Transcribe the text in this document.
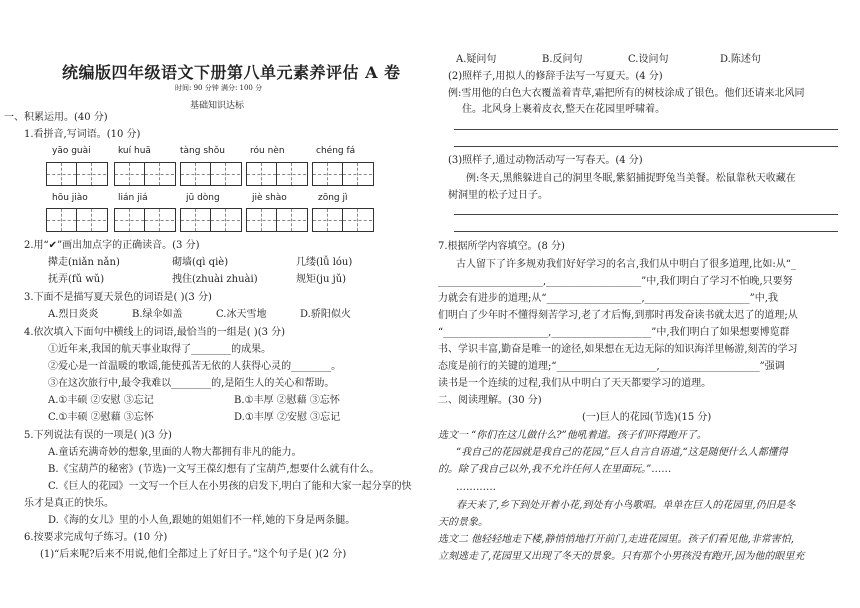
统编版四年级语文下册第八单元素养评估 A 卷
时间: 90 分钟 满分: 100 分
基础知识达标
一、积累运用。(40 分)
1.看拼音,写词语。(10 分)
yāo guài	kuí huā	tàng shǒu	róu nèn	chéng fá
hōu jiào	lián jiá	jū dòng	jiè shào	zōng jì
2.用“✔”画出加点字的正确读音。(3 分)
撵走(niǎn nǎn)	砌墙(qì qiè)	几缕(lǚ lóu)
抚弄(fǔ wǔ)	拽住(zhuài zhuài)	规矩(ju jǔ)
3.下面不是描写夏天景色的词语是( )(3 分)
A.烈日炎炎	B.绿伞如盖	C.冰天雪地	D.骄阳似火
4.依次填入下面句中横线上的词语,最恰当的一组是( )(3 分)
①近年来,我国的航天事业取得了________的成果。
②爱心是一首温暖的歌谣,能使孤苦无依的人获得心灵的________。
③在这次旅行中,最令我难以________的,是陌生人的关心和帮助。
A.①丰硕 ②安慰 ③忘记	B.①丰厚 ②慰藉 ③忘怀
C.①丰硕 ②慰藉 ③忘怀	D.①丰厚 ②安慰 ③忘记
5.下列说法有误的一项是( )(3 分)
A.童话充满奇妙的想象,里面的人物大都拥有非凡的能力。
B.《宝葫芦的秘密》(节选)一文写王葆幻想有了宝葫芦,想要什么就有什么。
C.《巨人的花园》一文写一个巨人在小男孩的启发下,明白了能和大家一起分享的快
乐才是真正的快乐。
D.《海的女儿》里的小人鱼,跟她的姐姐们不一样,她的下身是两条腿。
6.按要求完成句子练习。(10 分)
(1)“后来呢?后来不用说,他们全都过上了好日子。”这个句子是( )(2 分)
A.疑问句	B.反问句	C.设问句	D.陈述句
(2)照样子,用拟人的修辞手法写一写夏天。(4 分)
例:雪用他的白色大衣覆盖着青草,霜把所有的树枝涂成了银色。他们还请来北风同
住。北风身上裹着皮衣,整天在花园里呼啸着。
(3)照样子,通过动物活动写一写春天。(4 分)
例:冬天,黑熊躲进自己的洞里冬眠,紫貂捕捉野兔当美餐。松鼠靠秋天收藏在
树洞里的松子过日子。
7.根据所学内容填空。(8 分)
古人留下了许多规劝我们好好学习的名言,我们从中明白了很多道理,比如:从“_
_____________________,___________________”中,我们明白了学习不怕晚,只要努
力就会有进步的道理;从“___________________,_____________________”中,我
们明白了少年时不懂得刻苦学习,老了才后悔,到那时再发奋读书就太迟了的道理;从
“_____________________,____________________”中,我们明白了如果想要博览群
书、学识丰富,勤奋是唯一的途径,如果想在无边无际的知识海洋里畅游,刻苦的学习
态度是前行的关键的道理;“____________________,____________________”强调
读书是一个连续的过程,我们从中明白了天天都要学习的道理。
二、阅读理解。(30 分)
(一)巨人的花园(节选)(15 分)
选文一 “你们在这儿做什么?”他吼着道。孩子们吓得跑开了。
“我自己的花园就是我自己的花园,”巨人自言自语道,“这是随便什么人都懂得
的。除了我自己以外,我不允许任何人在里面玩。”……
…………
春天来了,乡下到处开着小花,到处有小鸟歌唱。单单在巨人的花园里,仍旧是冬
天的景象。
选文二 他轻轻地走下楼,静悄悄地打开前门,走进花园里。孩子们看见他,非常害怕,
立刻逃走了,花园里又出现了冬天的景象。只有那个小男孩没有跑开,因为他的眼里充
